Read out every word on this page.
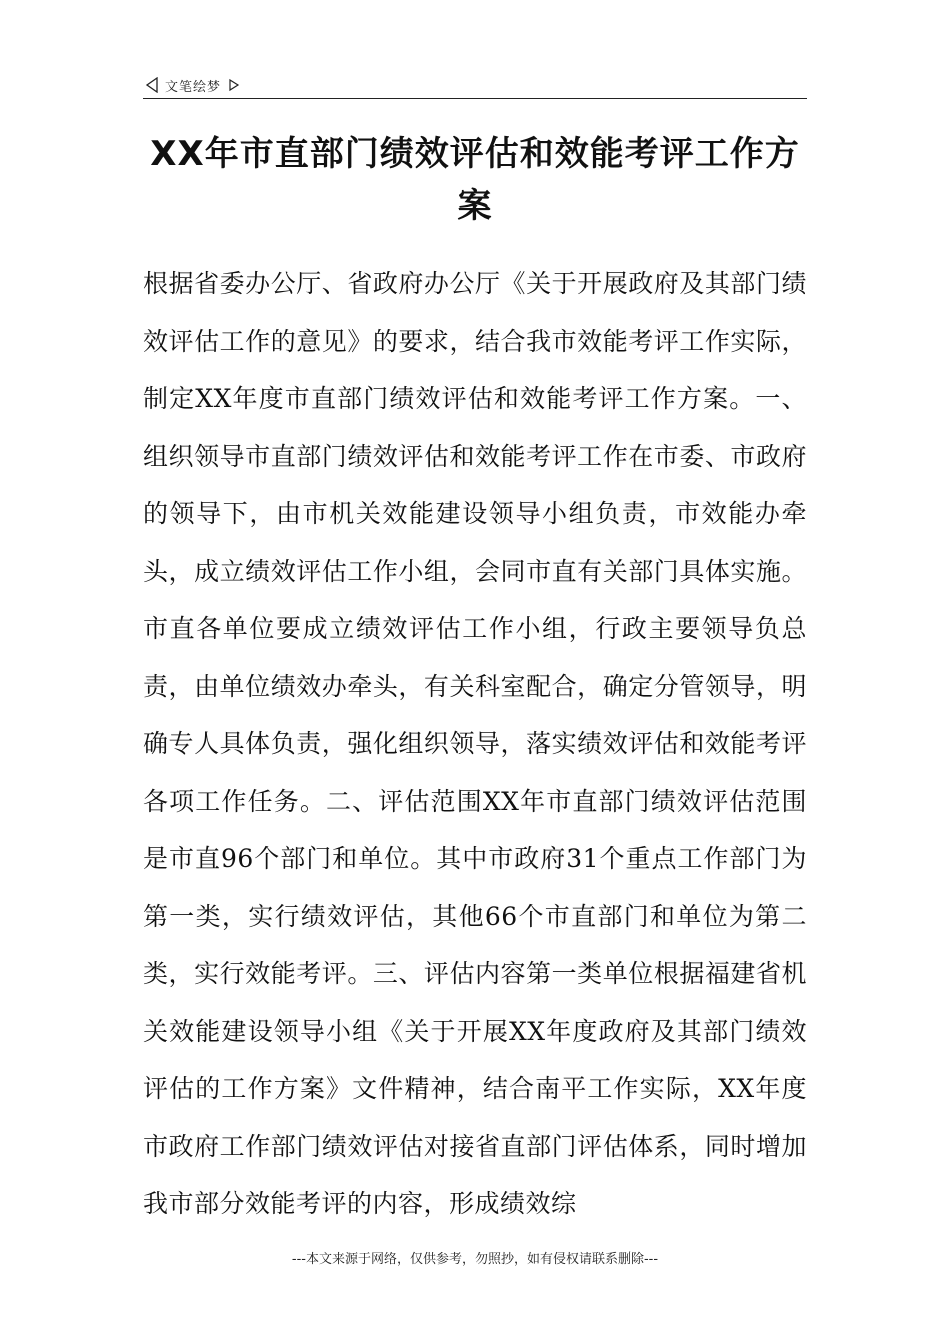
文笔绘梦
XX年市直部门绩效评估和效能考评工作方案
根据省委办公厅、省政府办公厅《关于开展政府及其部门绩效评估工作的意见》的要求，结合我市效能考评工作实际，制定XX年度市直部门绩效评估和效能考评工作方案。一、组织领导市直部门绩效评估和效能考评工作在市委、市政府的领导下，由市机关效能建设领导小组负责，市效能办牵头，成立绩效评估工作小组，会同市直有关部门具体实施。市直各单位要成立绩效评估工作小组，行政主要领导负总责，由单位绩效办牵头，有关科室配合，确定分管领导，明确专人具体负责，强化组织领导，落实绩效评估和效能考评各项工作任务。二、评估范围XX年市直部门绩效评估范围是市直96个部门和单位。其中市政府31个重点工作部门为第一类，实行绩效评估，其他66个市直部门和单位为第二类，实行效能考评。三、评估内容第一类单位根据福建省机关效能建设领导小组《关于开展XX年度政府及其部门绩效评估的工作方案》文件精神，结合南平工作实际，XX年度市政府工作部门绩效评估对接省直部门评估体系，同时增加我市部分效能考评的内容，形成绩效综
---本文来源于网络，仅供参考，勿照抄，如有侵权请联系删除---
